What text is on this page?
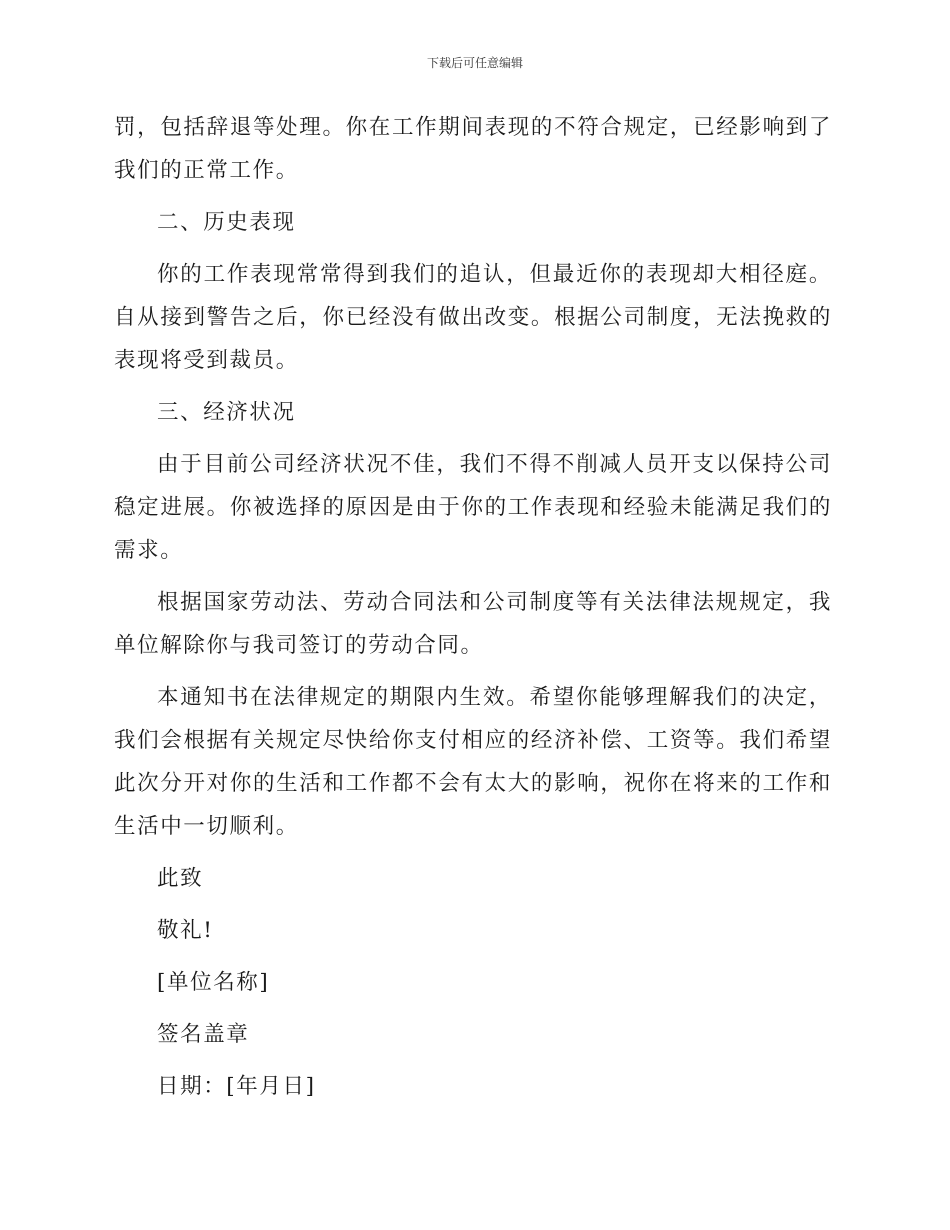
下载后可任意编辑

罚，包括辞退等处理。你在工作期间表现的不符合规定，已经影响到了我们的正常工作。

二、历史表现

你的工作表现常常得到我们的追认，但最近你的表现却大相径庭。自从接到警告之后，你已经没有做出改变。根据公司制度，无法挽救的表现将受到裁员。

三、经济状况

由于目前公司经济状况不佳，我们不得不削减人员开支以保持公司稳定进展。你被选择的原因是由于你的工作表现和经验未能满足我们的需求。

根据国家劳动法、劳动合同法和公司制度等有关法律法规规定，我单位解除你与我司签订的劳动合同。

本通知书在法律规定的期限内生效。希望你能够理解我们的决定，我们会根据有关规定尽快给你支付相应的经济补偿、工资等。我们希望此次分开对你的生活和工作都不会有太大的影响，祝你在将来的工作和生活中一切顺利。

此致

敬礼!

[单位名称]

签名盖章

日期：[年月日]
